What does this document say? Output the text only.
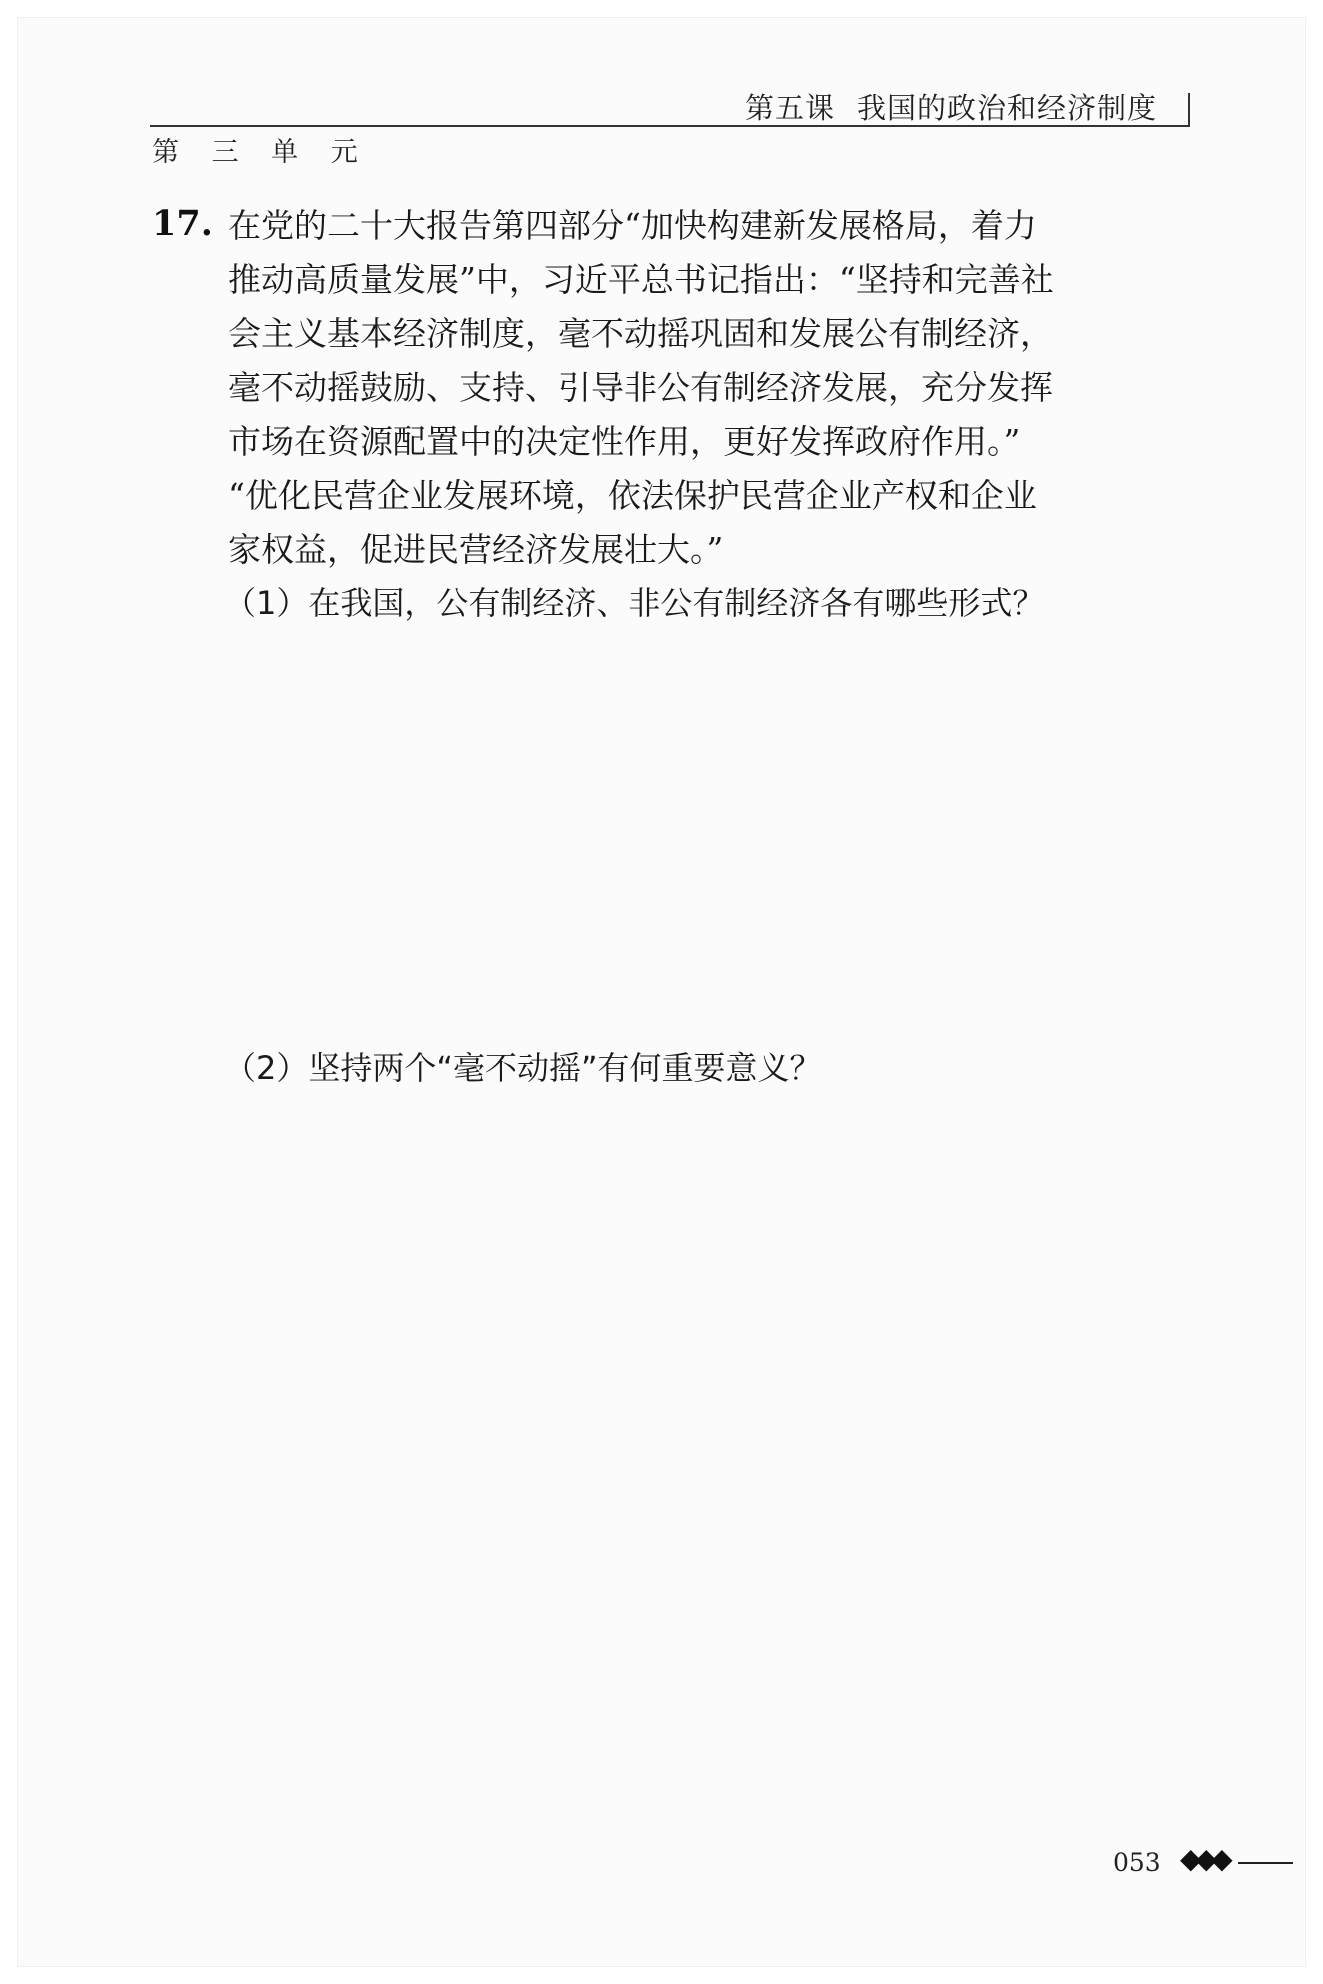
第五课 我国的政治和经济制度
第 三 单 元
17. 在党的二十大报告第四部分“加快构建新发展格局，着力
推动高质量发展”中，习近平总书记指出：“坚持和完善社
会主义基本经济制度，毫不动摇巩固和发展公有制经济，
毫不动摇鼓励、支持、引导非公有制经济发展，充分发挥
市场在资源配置中的决定性作用，更好发挥政府作用。”
“优化民营企业发展环境，依法保护民营企业产权和企业
家权益，促进民营经济发展壮大。”
（1）在我国，公有制经济、非公有制经济各有哪些形式？
（2）坚持两个“毫不动摇”有何重要意义？
053 ◆◆◆
